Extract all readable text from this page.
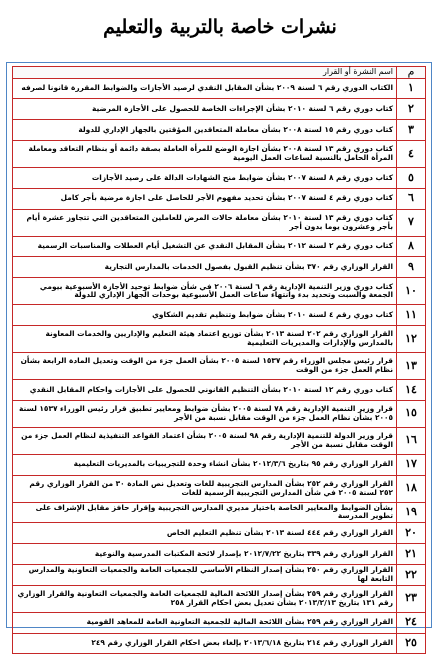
نشرات خاصة بالتربية والتعليم
م	اسم النشرة أو القرار
١	الكتاب الدوري رقم ٦ لسنة ٢٠٠٩ بشأن المقابل النقدي لرصيد الأجازات والضوابط المقررة قانونا لصرفه
٢	كتاب دوري رقم ٦ لسنة ٢٠١٠ بشأن الإجراءات الخاصة للحصول على الأجازة المرضية
٣	كتاب دوري رقم ١٥ لسنة ٢٠٠٨ بشأن معاملة المتعاقدين المؤقتين بالجهاز الإداري للدولة
٤	كتاب دوري رقم ١٣ لسنة ٢٠٠٨ بشأن اجازة الوضع للمرأة العاملة بصفة دائمة أو بنظام التعاقد ومعاملة المرأة الحامل بالنسبة لساعات العمل اليومية
٥	كتاب دوري رقم ٨ لسنة ٢٠٠٧ بشأن ضوابط منح الشهادات الدالة على رصيد الأجازات
٦	كتاب دوري رقم ٤ لسنة ٢٠٠٧ بشأن تحديد مفهوم الأجر للحاصل على اجازة مرضية بأجر كامل
٧	كتاب دوري رقم ١٣ لسنة ٢٠١٠ بشأن معاملة حالات المرض للعاملين المتعاقدين التي تتجاوز عشرة أيام بأجر وعشرون يوما بدون أجر
٨	كتاب دوري رقم ٢ لسنة ٢٠١٢ بشأن المقابل النقدي عن التشغيل أيام العطلات والمناسبات الرسمية
٩	القرار الوزاري رقم ٣٧٠ بشأن تنظيم القبول بفصول الخدمات بالمدارس التجارية
١٠	كتاب دوري وزير التنمية الإدارية رقم ٦ لسنة ٢٠٠٦ في شأن ضوابط توحيد الأجازة الأسبوعية بيومي الجمعة والسبت وتحديد بدء وانتهاء ساعات العمل الأسبوعية بوحدات الجهاز الإداري للدولة
١١	كتاب دوري رقم ٤ لسنة ٢٠١٠ بشأن ضوابط وتنظيم تقديم الشكاوي
١٢	القرار الوزاري رقم ٢٠٢ لسنة ٢٠١٣ بشأن توزيع اعتماد هيئة التعليم والإداريين والخدمات المعاونة بالمدارس والإدارات والمديريات التعليمية
١٣	قرار رئيس مجلس الوزراء رقم ١٥٣٧ لسنة ٢٠٠٥ بشأن العمل جزء من الوقت وتعديل المادة الرابعة بشأن نظام العمل جزء من الوقت
١٤	كتاب دوري رقم ١٢ لسنة ٢٠١٠ بشأن التنظيم القانوني للحصول على الأجازات واحكام المقابل النقدي
١٥	قرار وزير التنمية الإدارية رقم ٧٨ لسنة ٢٠٠٥ بشأن ضوابط ومعايير تطبيق قرار رئيس الوزراء ١٥٣٧ لسنة ٢٠٠٥ بشأن نظام العمل جزء من الوقت مقابل نسبة من الأجر
١٦	قرار وزير الدولة للتنمية الإدارية رقم ٩٨ لسنة ٢٠٠٥ بشأن اعتماد القواعد التنفيذية لنظام العمل جزء من الوقت مقابل نسبة من الأجر
١٧	القرار الوزاري رقم ٩٥ بتاريخ ٢٠١٢/٣/٦ بشأن انشاء وحدة للتجريبيات بالمديريات التعليمية
١٨	القرار الوزاري رقم ٢٥٢ بشأن المدارس التجريبية للغات وتعديل نص المادة ٣٠ من القرار الوزاري رقم ٢٥٢ لسنة ٢٠٠٥ في شأن المدارس التجريبية الرسمية للغات
١٩	بشأن الضوابط والمعايير الخاصة باختيار مديري المدارس التجريبية وإقرار حافز مقابل الإشراف على تطوير المدرسة
٢٠	القرار الوزاري رقم ٤٤٤ لسنة ٢٠١٣ بشأن تنظيم التعليم الخاص
٢١	القرار الوزاري رقم ٣٣٩ بتاريخ ٢٠١٢/٧/٢٢ بإصدار لائحة المكتبات المدرسية والنوعية
٢٢	القرار الوزاري رقم ٢٥٠ بشأن إصدار النظام الأساسي للجمعيات العامة والجمعيات التعاونية والمدارس التابعة لها
٢٣	القرار الوزاري رقم ٢٥٩ بشأن إصدار اللائحة المالية للجمعيات العامة والجمعيات التعاونية والقرار الوزاري رقم ١٣١ بتاريخ ٢٠١٣/٢/١٣ بشأن تعديل بعض احكام القرار ٢٥٨
٢٤	القرار الوزاري رقم ٢٥٩ بشأن اللائحة المالية للجمعية التعاونية العامة للمعاهد القومية
٢٥	القرار الوزاري رقم ٢١٤ بتاريخ ٢٠١٣/٦/١٨ بإلغاء بعض احكام القرار الوزاري رقم ٢٤٩
